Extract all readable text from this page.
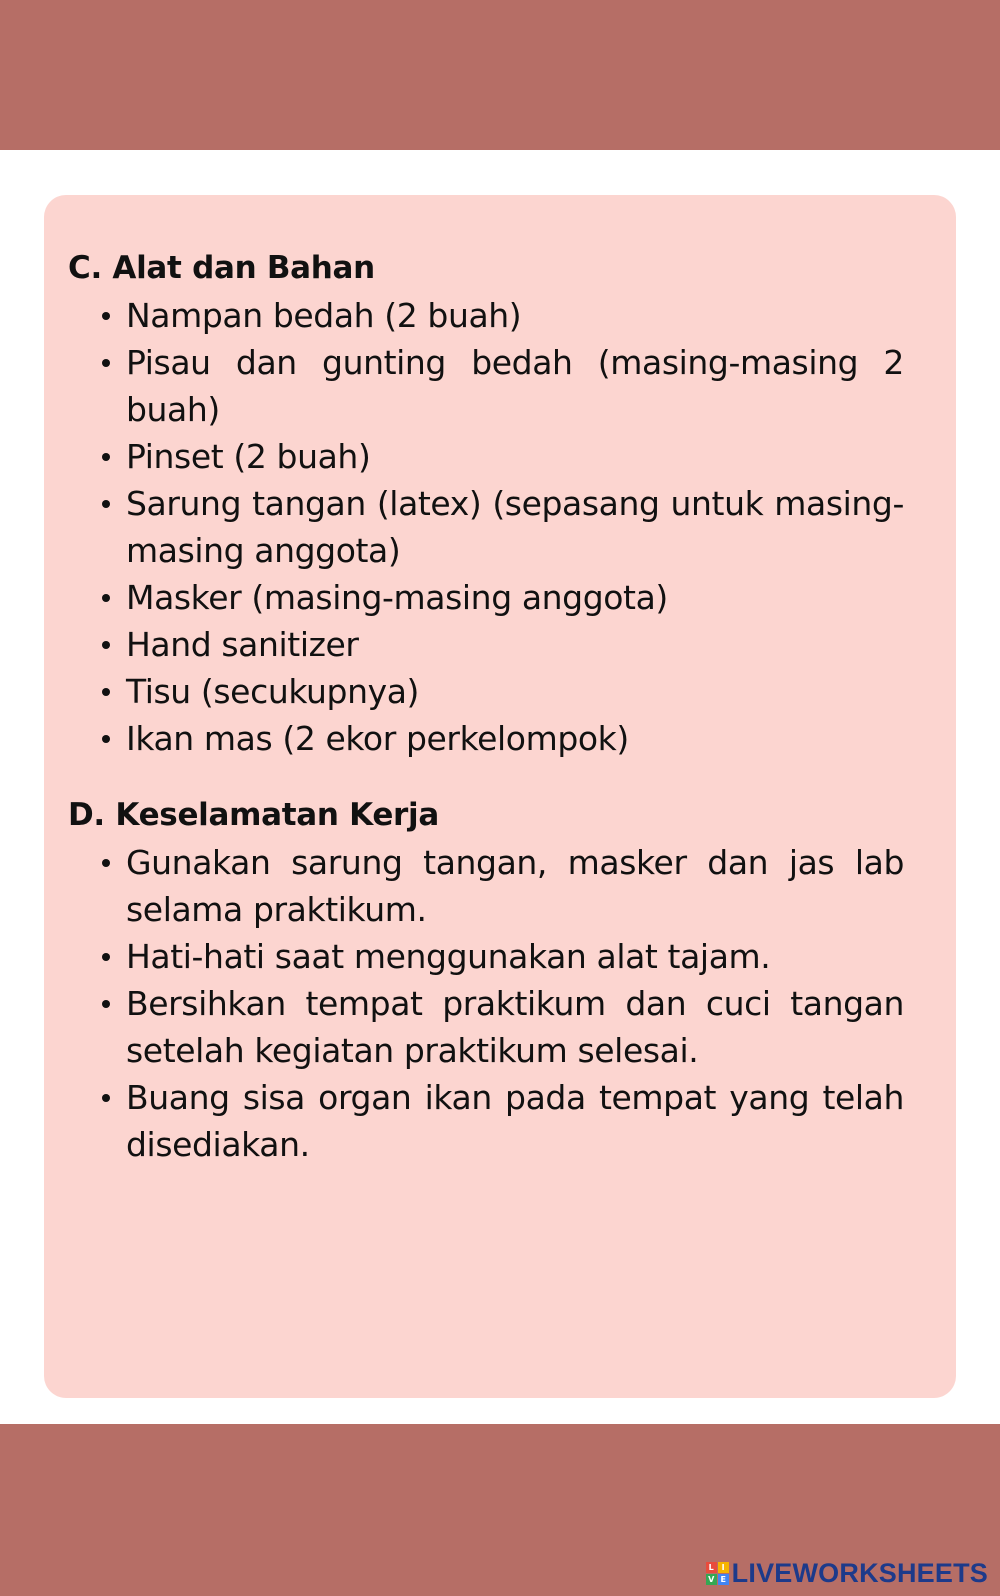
C. Alat dan Bahan
Nampan bedah (2 buah)
Pisau dan gunting bedah (masing-masing 2 buah)
Pinset (2 buah)
Sarung tangan (latex) (sepasang untuk masing-masing anggota)
Masker (masing-masing anggota)
Hand sanitizer
Tisu (secukupnya)
Ikan mas (2 ekor perkelompok)
D. Keselamatan Kerja
Gunakan sarung tangan, masker dan jas lab selama praktikum.
Hati-hati saat menggunakan alat tajam.
Bersihkan tempat praktikum dan cuci tangan setelah kegiatan praktikum selesai.
Buang sisa organ ikan pada tempat yang telah disediakan.
L I
V E LIVEWORKSHEETS
